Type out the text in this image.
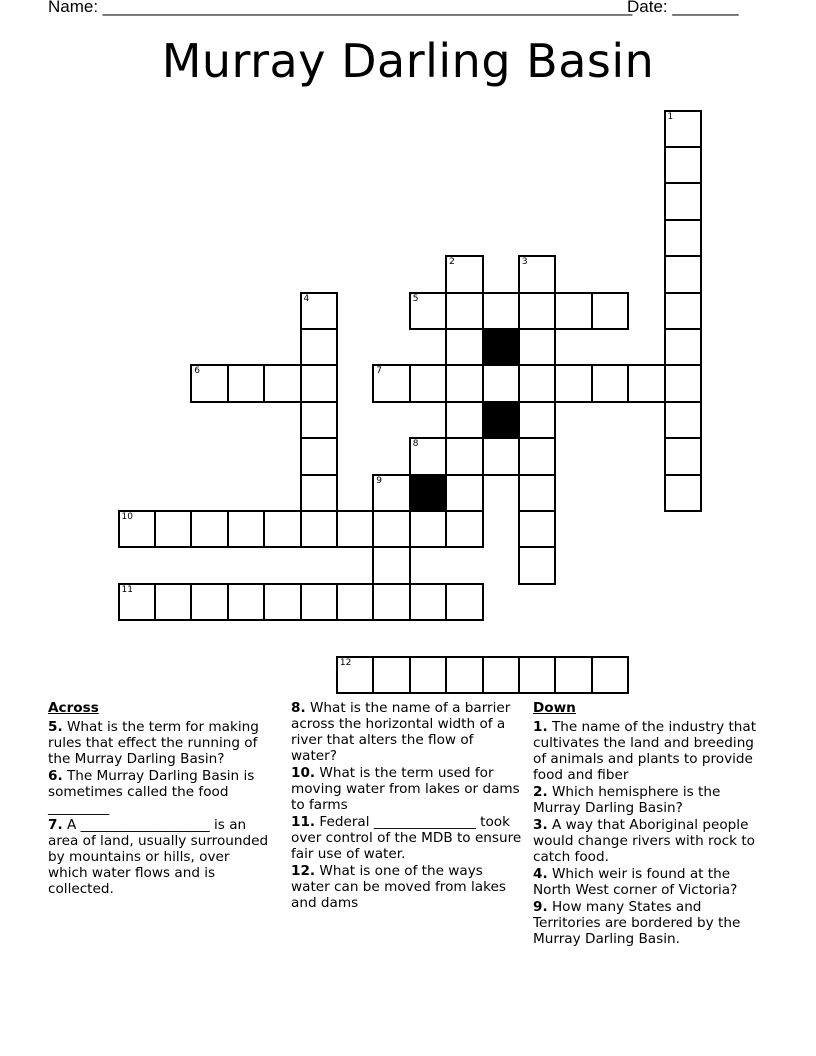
Name: ________________________________________________________
Date: _______
Murray Darling Basin
1
2	3
4	5
6	7
8
9
10
11
12
Across
5. What is the term for making rules that effect the running of the Murray Darling Basin?
6. The Murray Darling Basin is sometimes called the food _________
7. A ___________________ is an area of land, usually surrounded by mountains or hills, over which water flows and is collected.
8. What is the name of a barrier across the horizontal width of a river that alters the flow of water?
10. What is the term used for moving water from lakes or dams to farms
11. Federal _______________ took over control of the MDB to ensure fair use of water.
12. What is one of the ways water can be moved from lakes and dams
Down
1. The name of the industry that cultivates the land and breeding of animals and plants to provide food and fiber
2. Which hemisphere is the Murray Darling Basin?
3. A way that Aboriginal people would change rivers with rock to catch food.
4. Which weir is found at the North West corner of Victoria?
9. How many States and Territories are bordered by the Murray Darling Basin.
